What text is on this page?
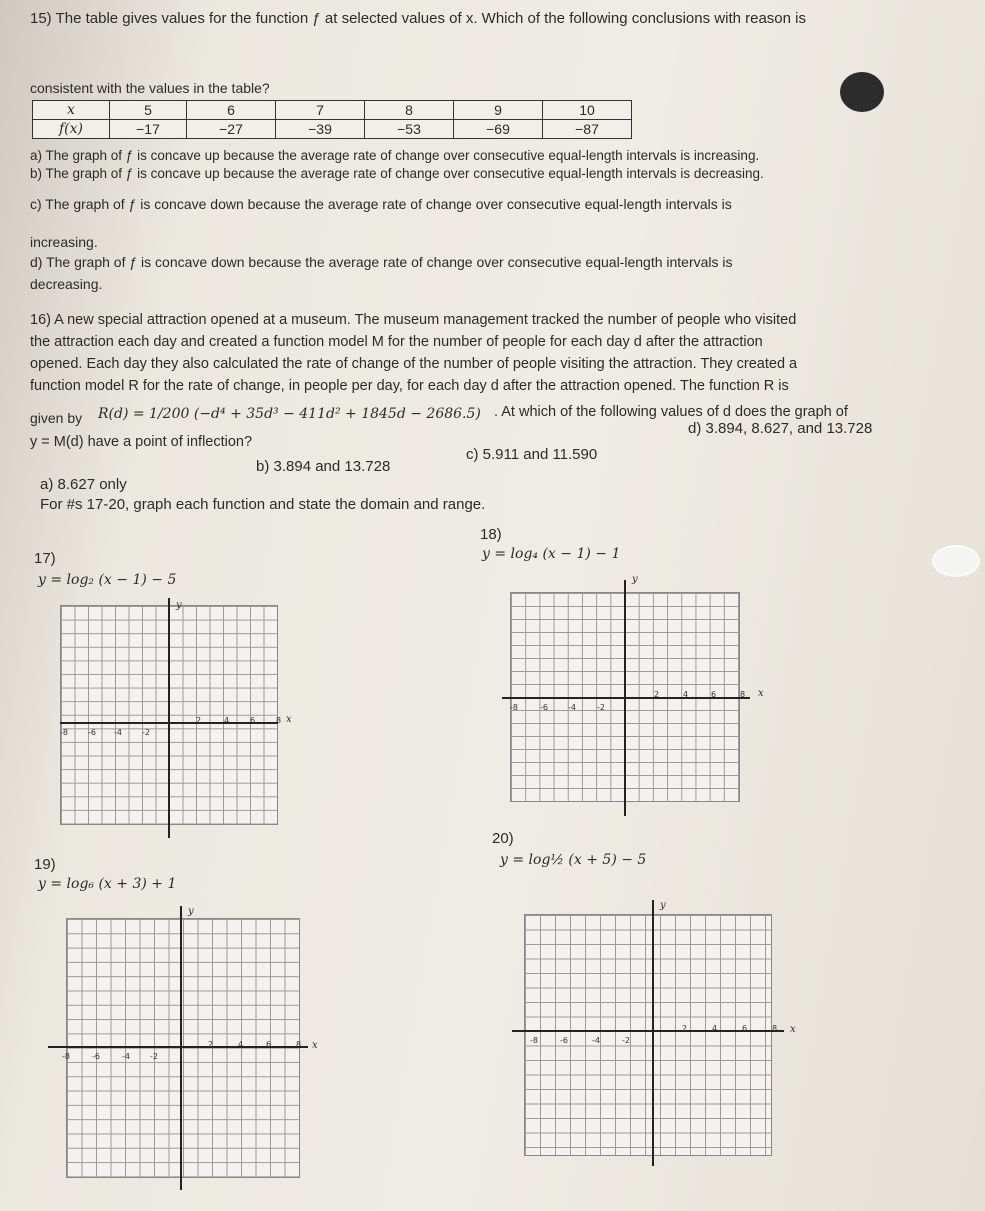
15) The table gives values for the function ƒ at selected values of x. Which of the following conclusions with reason is
consistent with the values in the table?
x	5	6	7	8	9	10
f(x)	−17	−27	−39	−53	−69	−87
a) The graph of ƒ is concave up because the average rate of change over consecutive equal-length intervals is increasing.
b) The graph of ƒ is concave up because the average rate of change over consecutive equal-length intervals is decreasing.
c) The graph of ƒ is concave down because the average rate of change over consecutive equal-length intervals is
increasing.
d) The graph of ƒ is concave down because the average rate of change over consecutive equal-length intervals is
decreasing.
16) A new special attraction opened at a museum. The museum management tracked the number of people who visited
the attraction each day and created a function model M for the number of people for each day d after the attraction
opened. Each day they also calculated the rate of change of the number of people visiting the attraction. They created a
function model R for the rate of change, in people per day, for each day d after the attraction opened. The function R is
given by R(d) = 1/200 (−d⁴ + 35d³ − 411d² + 1845d − 2686.5) . At which of the following values of d does the graph of
y = M(d) have a point of inflection?
a) 8.627 only
b) 3.894 and 13.728
c) 5.911 and 11.590
d) 3.894, 8.627, and 13.728
For #s 17-20, graph each function and state the domain and range.
17)
y = log₂ (x − 1) − 5
x
y
-8	-6 -4	-2
2	4	6	8
18)
y = log₄ (x − 1) − 1
x
y
-8	-6	-4	-2
2	4	6	8
19)
y = log₆ (x + 3) + 1
x
y
-8	-6	-4	-2
2	4	6	8
20)
y = log½ (x + 5) − 5
x
y
-8	-6	-4	-2
2	4	6	8
